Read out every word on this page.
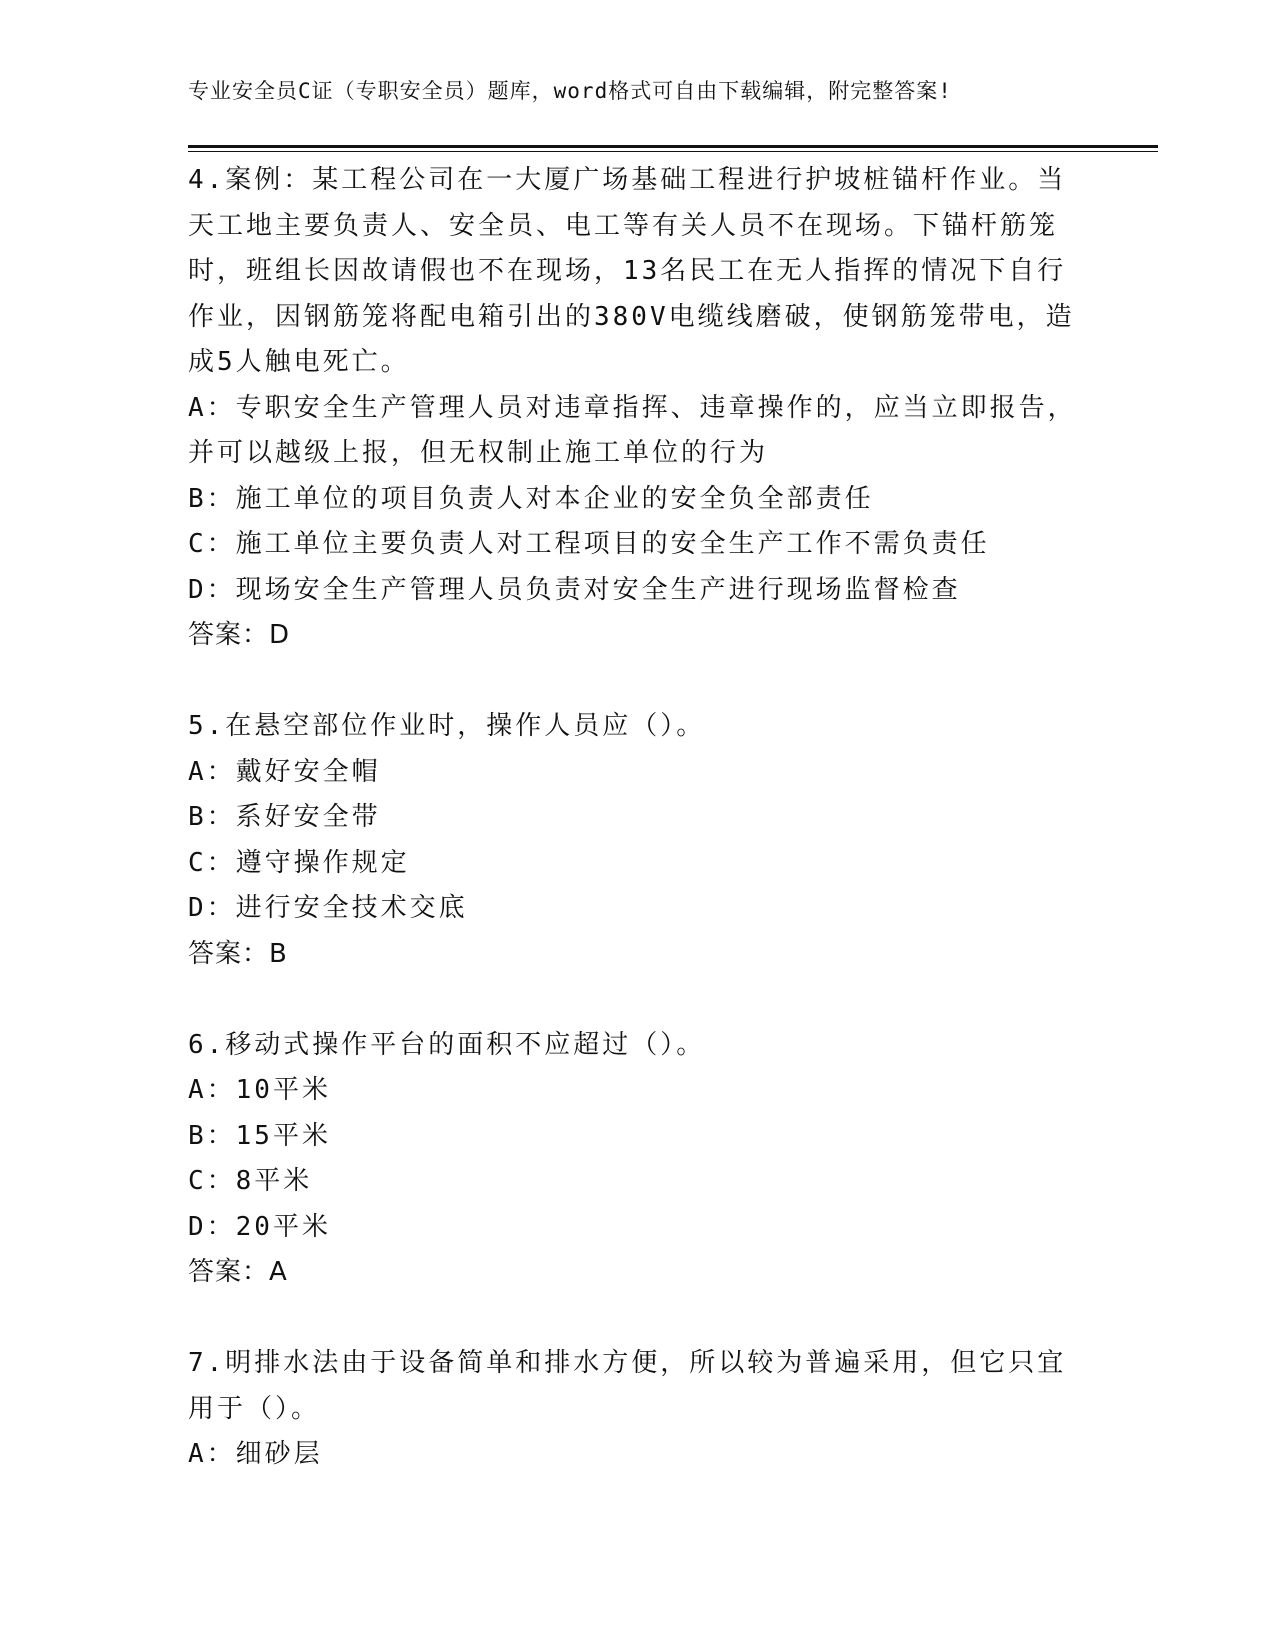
专业安全员C证（专职安全员）题库，word格式可自由下载编辑，附完整答案!
4.案例：某工程公司在一大厦广场基础工程进行护坡桩锚杆作业。当
天工地主要负责人、安全员、电工等有关人员不在现场。下锚杆筋笼
时，班组长因故请假也不在现场，13名民工在无人指挥的情况下自行
作业，因钢筋笼将配电箱引出的380V电缆线磨破，使钢筋笼带电，造
成5人触电死亡。
A：专职安全生产管理人员对违章指挥、违章操作的，应当立即报告，
并可以越级上报，但无权制止施工单位的行为
B：施工单位的项目负责人对本企业的安全负全部责任
C：施工单位主要负责人对工程项目的安全生产工作不需负责任
D：现场安全生产管理人员负责对安全生产进行现场监督检查
答案：D
5.在悬空部位作业时，操作人员应（）。
A：戴好安全帽
B：系好安全带
C：遵守操作规定
D：进行安全技术交底
答案：B
6.移动式操作平台的面积不应超过（）。
A：10平米
B：15平米
C：8平米
D：20平米
答案：A
7.明排水法由于设备简单和排水方便，所以较为普遍采用，但它只宜
用于（）。
A：细砂层
